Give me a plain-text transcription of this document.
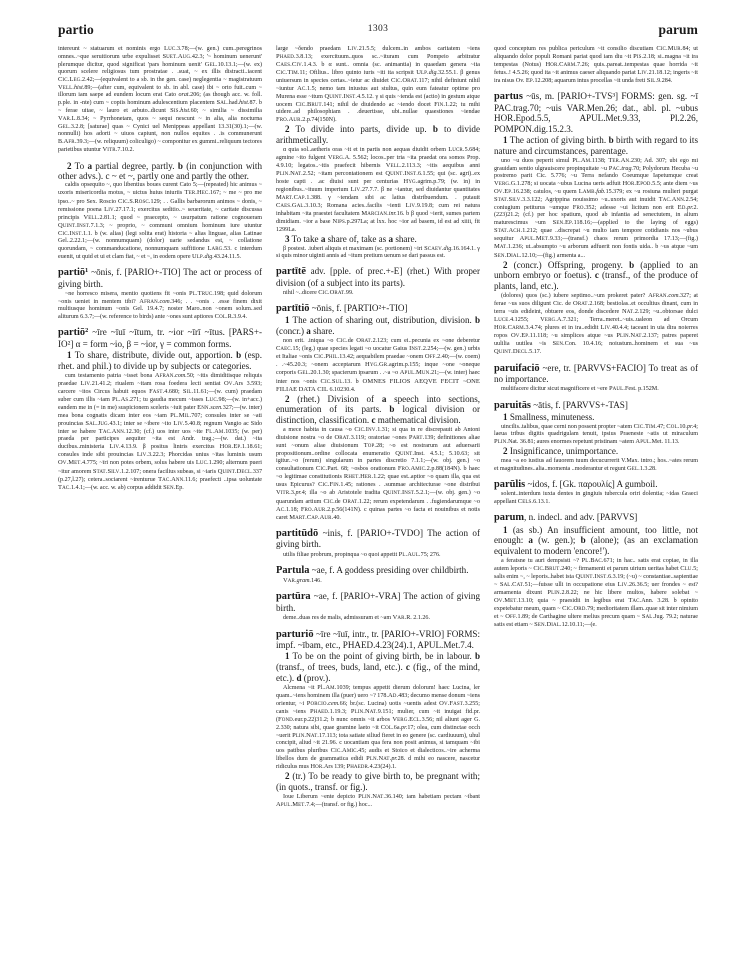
partio	1303	parum

intereunt ~ statuarum et nominis ergo Luc.3.78;—(w. gen.) cum..peregrinos omnes..~que seruitiorum urbe expulisset Suet.Aug.42.3; '~ hominum uenerunt' plerumque dicitur, quod significat 'pars hominum uenit' Gel.10.13.1;—(w. ex) quorum scelere religiosus tum prostratae . .suat, ~ ex illis distracti..iacent Cic.Leg.2.42;—(equivalent to a sb. in the gen. case) neglegentia ~ magistratuum Vell.hist.89;—(after cum, equivalent to sb. in abl. case) ibi ~ orto fuit..cum ~ illorum iam saepe ad eundem locum erat Cato orat.206; (as though acc. w. foll. p.ple. in -nte) cum ~ copiis hominum adulescentium placentem Sal.had.hist.87. b ~ ferae uitae, ~ lauro et arbuto..dicunt Sis.hist.60; ~ similia ~ dissimilia Var.L.8.34; ~ Pyrrhonetam, quos ~ sequi nescunt ~ in alia, alia nocturna Gel.3.2.8; [saturae] quas ~ Cynici uel Menippeas appellant 13.31(30).1;—(w. nonnulli) hos adorti ~ uiuos capiunt, non nullos equites . .is communerunt B.Afr.39.3;—(w. reliquum) coliculigo) ~ componitur ex gummi..reliquum tectores parietibus utuntur Vitr.7.10.2.

2 To a partial degree, partly. b (in conjunction with other advs.). c ~ et ~, partly one and partly the other.

caldis opsequito ~, quo libentius boues curent Cato 5;—(repeated) hic animus ~ uxoris misericordia motus, ~ uictus huius iniuriis Ter.Hec.167; ~ me ~ pro me ipso..~ pro Sex. Roscio Cic.S.Rosc.129; . . Gallis barbarorum animos ~ donis, ~ remissione poena Liv.27.17.1; exercitus seditio..~ seueritate, ~ caritate discussa principis Vell.2.81.1; quod ~ praecepto, ~ usurpatum ratione cognoueram Quint.Inst.7.1.3; ~ proprio, ~ communi omnium hominum iure utuntur Cic.Inst.1.1. b (w. alias) (legi solita erat) historia ~ alias linguae, alias Latinae Gel..2.22.1;—(w. nonnumquam) (dolor) uarie sedandus est, ~ collatione quorundam, ~ commanducatione, nonnumquam suffitione Larg.53. c interdum euenit, ut quid et ui et clam fiat, ~ et ~, in eodem opere Ulp.dig.43.24.11.5.

partiō¹ ~ōnis, f. [PARIO+-TIO] The act or process of giving birth.

~ne horresco misera, mentio quotiens fit ~onis Pl.Truc.198; quid dolorum ~onis ueniet in mentem tibi? Afran.com.346; . . ~onis . .esse finem dixit multiusque hominum ~onis Gel. 19.4.7; noster Maro..non ~onem solum..sed aliturum 6.3.7;—(w. reference to birds) ante ~ones sunt aptiores Col.R.3.9.4.

partiō² ~īre ~īuī ~ītum, tr. ~ior ~īrī ~ītus. [PARS+-IO²] α = form ~io, β = ~ior, γ = common forms.

1 To share, distribute, divide out, apportion. b (esp. rhet. and phil.) to divide up by subjects or categories.

cum testamento patria ~isset bona Afran.com.50; ~itis dimiditisque reliquis praedae Liv.21.41.2; riualem ~itam rosa foedera lecti sentiat Ov.Ars 3.593; carcere ~itos Circus habuit equos Fast.4.680; Sil.11.61;—(w. cum) praedam suber cum illis ~iam Pl.As.271; tu gaudia mecum ~isses Luc.98;—(w. in+acc.) eandem me in (= in me) suspicionem sceleris ~iuit pater Enn.scen.327;—(w. inter) mea bona cognatis dicam inter eos ~iam Pl.Mil.707; consules inter se ~ati prouincias Sal.Jug.43.1; inter se ~ibere ~ito Liv.5.40.8; regnum Vangio ac Sido inter se habere Tac.Ann.12.30; (cf.) uos inter uos ~ite Fl.Am.1035; (w. per) praeda per participes aequiter ~ita est Andr. trag.;—(w. dat.) ~ita ducibus..ministeria Liv.4.13.9. β positus lintris exercitus Hor.Ep.1.18.61; consules inde sibi prouincias Liv.3.22.3; Phorcidas unius ~ītas luminis usum Ov.Met.4.775; ~īri non potes orbem, solus habere uis Luc.1.290; alternum pueri ~itur amorem Stat.Silv.1.2.107; onera facilius subeas, si ~iaris Quint.Decl.337 (p.27,l.27); cetera..sociarent ~irenturue Tac.Ann.11.6; praefecti ..ipsa uoluntate Tac.1.4.1;—(w. acc. w. ab) corpus addidit Sen.Ep.

large ~ŏendo praedam Liv.21.5.5; dulcem..in ambos caritatem ~iens Phaed.3.8.13; exercituum..quos sc..~ituram cum Pompeio arbitratur Caes.Civ.1.4.3. b α sunt.. omnia (sc. animantia) in quaedam genera ~ita Cic.Tim.11; Ofilius.. libro quinto iuris ~iti ita scripsit Ulp.dig.32.55.1. β genus uniuersum in species certas..~ietur ac diuidet Cic.Orat.117; nihil definiunt nihil ~iuntur Ac.1.5; nemo tam iniustus aut stultus, quin eum fateatur optime pro Murena esse ~itum Quint.Inst.4.5.12. γ si quis ~ienda est (actio) in gestum atque uocem Cic.Brut.141; nihil de diuidendo ac ~iendo docet Fin.1.22; tu mihi uidere..ad philosophiam . .deuertisse, ubi..nullae quaestiones ~iendae Fro.Aur.2.p.74(150N).

2 To divide into parts, divide up. b to divide arithmetically.

α quia sol..aetheris oras ~it et in partis non aequas diuidit orbem Lucr.5.684; agmine ~ito fulgent Verg.A. 5.562; locos..per tria ~ita praedat ora somos Prop. 4.9.10; legatos..~itis praefecit hibernis Vell.2.113.3; ~itis aequibus anni Plin.Nat.2.52; ~itam percontationem est Quint.Inst.6.1.55; qui (sc. agri)..ex hoste capti . .ac diuisi sunt per centurias Hyg.agrim.p.79; (w. in) in regionibus..~ituum imperium Liv.27.7.7. β ne ~iantur, sed diuidantur quantitates Mart.Cap.1.388. γ ~iendam sibi ac latius distribuendum. . putauit Caes.Gal.3.10.3; Romana acies..facilis ~ienti Liv.9.19.8; cum rei natura inhabitam ~ita praestet facultatem Marcian.inr.16. b β quod ~ierit, sumes partem dimidiam. ~ior a base Nips.p.297La; at lxx. hoc ~ior ad basem, id est ad xiiii, fit 1299La.

3 To take a share of, take as a share.

β postest. .iuberi aliquis et maximam (sc. portionem) ~iri Scaev.dig.16.164.1. γ si quis minor uiginti annis ad ~itum pretium uenum se dari passus est.

partītē adv. [pple. of prec.+-E] (rhet.) With proper division (of a subject into its parts).

nihil ~..dicere Cic.Orat.99.

partītiō ~ōnis, f. [PARTIO²+-TIO]

1 The action of sharing out, distribution, division. b (concr.) a share.

non erit. .iniqua ~o Cic.de Orat.2.123; cum ei..pecunia ex ~one deberetur Caec.15; (leg.) quae species legati ~o uocatur Gaius Inst.2.254;—(w. gen.) urbis et Italiae ~onis Cic.Phil.13.42; aequabilem praedae ~onem Off.2.40;—(w. coem) . .~45.20.3; ~onem acceptarum Hyg.Gr.agrim.p.155; inque ~one ~oneque corporis Gel.20.1.30; spacierum ipsarum . .~a ~o Apul.Mun.21;—(w. inter) haec inter nos ~onis Cic.Sul.13. b OMNES FILIOS AEQVE FECIT ~ONE FILIAE DATA CIL 6.10230.4.

2 (rhet.) Division of a speech into sections, enumeration of its parts. b logical division or distinction, classification. c mathematical division.

a mece habita in causa ~o Cic.Inv.1.31; si qua in re discrepauit ab Antoni diuisione nostra ~o de Orat.3.119; oratoriae ~ones Part.139; definitiones aliae sunt ~onum aliae diuisionum Top.28; ~o est nostrarum aut aduersarii propositionum..ordine collocata enumeratio Quint.Inst. 4.5.1; 5.10.63; sit igitur..~o (rerum) singularum in partes discretio 7.1.1;—(w. obj. gen.) ~o consultationum Cic.Part. 68; ~osbos orationum Fro.Amic.2.p.88(184N). b haec ~o legitimae constitutionis Rhet.Her.1.22; quae est..aptior ~o quam illa, qua est usus Epicurus? Cic.Fin.1.45; rationes . .summae architecturae ~one distribui Vitr.3.pr.4; illa ~o ab Aristotele tradita Quint.Inst.5.2.1;—(w. obj. gen.) ~o quarundam artium Cic.de Orat.1.22; rerum expetendarum . .fugiendarumque ~o Ac.1.18; Fro.Aur.2.p.56(141N). c quinas partes ~o facta et nouinibus et notis caret Mart.Cap.Aur.40.

partitūdō ~inis, f. [PARIO+-TVDO] The action of giving birth.

utilis filiae probrum, propinqua ~o quoi appetit Pl.Aul.75; 276.

Partula ~ae, f. A goddess presiding over childbirth.

Var.gram.146.

partūra ~ae, f. [PARIO+-VRA] The action of giving birth.

deme..duas res de malis, admissuram et ~am Var.R. 2.1.26.

parturiō ~īre ~īuī, intr., tr. [PARIO+-VRIO] FORMS: impf. ~ībam, etc., PHAED.4.23(24).1, APUL.Met.7.4.

1 To be on the point of giving birth, be in labour. b (transf., of trees, buds, land, etc.). c (fig., of the mind, etc.). d (prov.).

Alcmena ~it Pl..Am.1039; tempus appetit dierum dolorum! haec Lucina, ler quam..~iens hominem illa (puer) uero ~? 178.Ad.483; decumo mense donum ~iens orientur, ~i Porcio.cem.66; br.(sc. Lucina) uotis ~uentis adest Ov.Fast.3.255; canis ~iens Phaed.1.19.3; Plin.Nat.9.151; mulier, cum ~it inuigat fid.pr.(Fond.eur.p.22)31.2; b nunc omnis ~it arbos Verg.Ecl.3.56; nil aliunt ager G. 2.330; natura sibi, quae gramine laeto ~it Col.6a.pr.17; olea, cum distinctae occh ~uerit Plin.Nat.17.113; tota satiate siliud fieret in eo genere (sc. cardiuuum), uhul concipit, aliud ~it 21.96. c uocantiam qua fera non posit animus, si tamquam ~ibi uos patibus pluribus Cic.Amic.45; audis et Stoico et dialecticos..~ire acherma libellos dum de grammatica edidi Pln.Nat.pr.28. d mihi eo nascere, nascetur ridiculus mus Hor.Ars 139; Phaedr.4.23(24).1.

2 (tr.) To be ready to give birth to, be pregnant with; (in quots., transf. or fig.).

Ioue Liberum ~ente depicto Plin.Nat.36.140; iam habetiam pectam ~ibant Apul.Met.7.4;—(transf. or fig.) hoc...

quod conceptum res publica periculum ~it consilio discutiam Cic.Mur.84; ut aliquando dolor populi Romani pariat quod iam diu ~it Pis.2.18; si..magna ~it ira tempestas (Notus) Hor.Carm.7.26; quis..pareat..tempestas quae horrida ~it fetus..! 4.5.26; quod ita ~it animus caeser aliquando pariat Liv.21.18.12; ingeris ~it ira nisus Ov. Ep.12.208; aquarum intus procellas ~it unda freti Sil.9.284.

partus ~ūs, m. [PARIO+-TVS³] FORMS: gen. sg. ~ī PAC.trag.70; ~uis VAR.Men.26; dat., abl. pl. ~ubus HOR.Epod.5.5, APUL.Met.9.33, Pl.2.26, POMPON.dig.15.2.3.

1 The action of giving birth. b birth with regard to its nature and circumstances, parentage.

uno ~u duos peperit simul Pl.Am.1138; Ter.An.230; Ad. 307; ubi ego mi grauidam sentio ulgrauiscere propinquitate ~u Pac.trag.70; Polydorum Hecuba ~u postremo parit Cic. 5.776; ~u Terra nefando Coeumque Iapetumque creat Verg.G.1.278; si uocata ~ubus Lucina ueris adfuit Hor.Epod.5.5; ante diem ~us Ov.Ep.16.238; catulos, ~u quem Lamb.fab.15.379; ex ~u rosiuna mulieri purgat Stat.Silv.3.3.122; Agrippina nouissimo ~u..uxoris aut inuidit Tac.Ann.2.54; coniugium petiturus ~umque Fro.352; adesse ~ui licitum non erit Ed.pr.2.(223)21.2; (cf.) per hoc spatium, quod ab infantia ad senectutem, in alium maturescimus ~um Sen.Ep.118.16;—(applied to the laying of eggs) Stat.Ach.1.212; quae ..discrepat ~u multo iam tempore cotidianis nos ~ubus sequitur Apul.Met.9.33;—(transf.) chaos rerum primordia 17.13;—(fig.) Mat.1.236; ut..absumpto ~u arborum adfuerit non fontis uida.. b ~us atque ~um Sen.Dial.12.10;—(fig.) armenta a...

2 (concr.) Offspring, progeny. b (applied to an unborn embryo or foetus). c (transf., of the produce of plants, land, etc.).

(dolores) quos (sc.) iubere septimo..~um prokeret pater? Afran.com.327; at ferae ~us suos diligunt Cic. de Orat.2.168; bestiolas..et occultius dinant, cum in terra ~uis edideint, obtuere eos, donde discedere Nat.2.129; ~u..obtorsae dulci Luce.4.1255; Verg.A.7.321; Terra..meret..~uis..ualeon ad Orcum Hor.Carm.3.4.74; plures et in ira..edidit Liv.40.4.4; taceant in uia dira noierres ropos Ov.Ep.11.118; ~u simplices atque ~us Plin.Nat.2.137; patres paperet uulilia uutilea ~is Sen.Con. 10.4.16; noiustum..hominem et sua ~us Quint.Decl.5.17.

paruifaciō ~ere, tr. [PARVVS+FACIO] To treat as of no importance.

multifacere dicitur sicut magnificere et ~ere Paul.Fest. p.152M.

paruitās ~ātis, f. [PARVVS+-TAS]

1 Smallness, minuteness.

uincilis..talibus, quae cerni non possent propter ~atem Cic.Tim.47; Col.10.pr.4; laeua tribus digitis quadrigulam tenuit, ipsius Praeneste ~atis ut miraculum Plin.Nat. 36.81; aures enormes repetunt pristinam ~atem Apul.Met. 11.13.

2 Insignificance, unimportance.

mea ~a eo iustius ad fauorem tuum decucurrerit V.Max. intro.; hos..~ates rerum et magnitudines..alia..momenta ..moderantur et regunt Gel.1.3.28.

parūlis ~idos, f. [Gk. παρουλίς] A gumboil.

solent..interdum iuxta dentes in gingiuis tubercula oriri dolentia; ~idas Graeci appellant Cels.6.13.1.

parum, n. indecl. and adv. [PARVVS]

1 (as sb.) An insufficient amount, too little, not enough: a (w. gen.); b (alone); (as an exclamation equivalent to modern 'encore!').

a feratsne tu auri dempsisti ~? Pl.Bac.671; in hac.. satis erat copiae, in illa autem leporis ~ Cic.Brut.240; ~ firmamenti et parum uirium ueritas habet Clu.5; salis enim ~, ~ leporis..habet ista Quint.Inst.6.3.19; (~u) ~ constantiae..sapientiae ~ Sal.Cat.51;—fuisse ulli in occupatione eius Liv.26.36.5; uer frondes ~ est? armamenta dixunt Plin.2.8.22; ne hic libere multos, habere solebat ~ Ov.Met.13.10; quia ~ praesidii in legibus erat Tac.Ann. 3.28. b opinito expetebatur meum, quam ~ Cic.Ord.79; medioritatem illam..quae sit inter nimium et ~ Off.1.89; de Carthagine ultere melius precum quam ~ Sal.Jug. 79.2; naturae satis est etiam ~ Sen.Dial.12.10.11;—(e.
